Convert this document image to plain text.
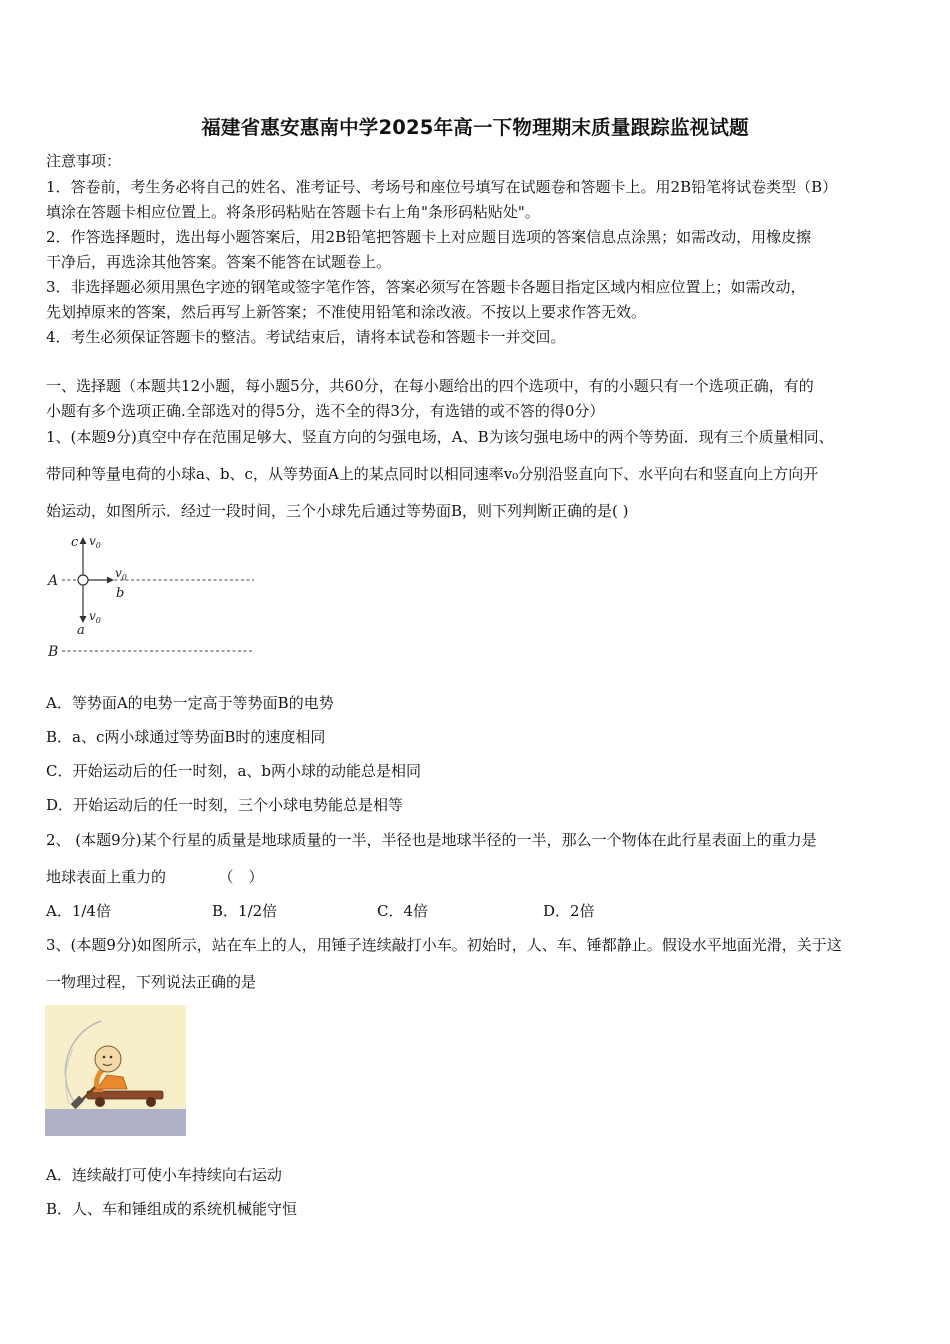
福建省惠安惠南中学2025年高一下物理期末质量跟踪监视试题
注意事项：
1．答卷前，考生务必将自己的姓名、准考证号、考场号和座位号填写在试题卷和答题卡上。用2B铅笔将试卷类型（B）
填涂在答题卡相应位置上。将条形码粘贴在答题卡右上角"条形码粘贴处"。
2．作答选择题时，选出每小题答案后，用2B铅笔把答题卡上对应题目选项的答案信息点涂黑；如需改动，用橡皮擦
干净后，再选涂其他答案。答案不能答在试题卷上。
3．非选择题必须用黑色字迹的钢笔或签字笔作答，答案必须写在答题卡各题目指定区域内相应位置上；如需改动，
先划掉原来的答案，然后再写上新答案；不准使用铅笔和涂改液。不按以上要求作答无效。
4．考生必须保证答题卡的整洁。考试结束后，请将本试卷和答题卡一并交回。
一、选择题（本题共12小题，每小题5分，共60分，在每小题给出的四个选项中，有的小题只有一个选项正确，有的
小题有多个选项正确.全部选对的得5分，选不全的得3分，有选错的或不答的得0分）
1、(本题9分)真空中存在范围足够大、竖直方向的匀强电场，A、B为该匀强电场中的两个等势面．现有三个质量相同、
带同种等量电荷的小球a、b、c，从等势面A上的某点同时以相同速率v₀分别沿竖直向下、水平向右和竖直向上方向开
始运动，如图所示．经过一段时间，三个小球先后通过等势面B，则下列判断正确的是( )
c $v_0$
$v_0$
b
A
$v_0$
a
B
A．等势面A的电势一定高于等势面B的电势
B．a、c两小球通过等势面B时的速度相同
C．开始运动后的任一时刻，a、b两小球的动能总是相同
D．开始运动后的任一时刻，三个小球电势能总是相等
2、 (本题9分)某个行星的质量是地球质量的一半，半径也是地球半径的一半，那么一个物体在此行星表面上的重力是
地球表面上重力的　　　　（　）
A．1/4倍	B．1/2倍	C．4倍	D．2倍
3、(本题9分)如图所示，站在车上的人，用锤子连续敲打小车。初始时，人、车、锤都静止。假设水平地面光滑，关于这
一物理过程，下列说法正确的是
A．连续敲打可使小车持续向右运动
B．人、车和锤组成的系统机械能守恒
